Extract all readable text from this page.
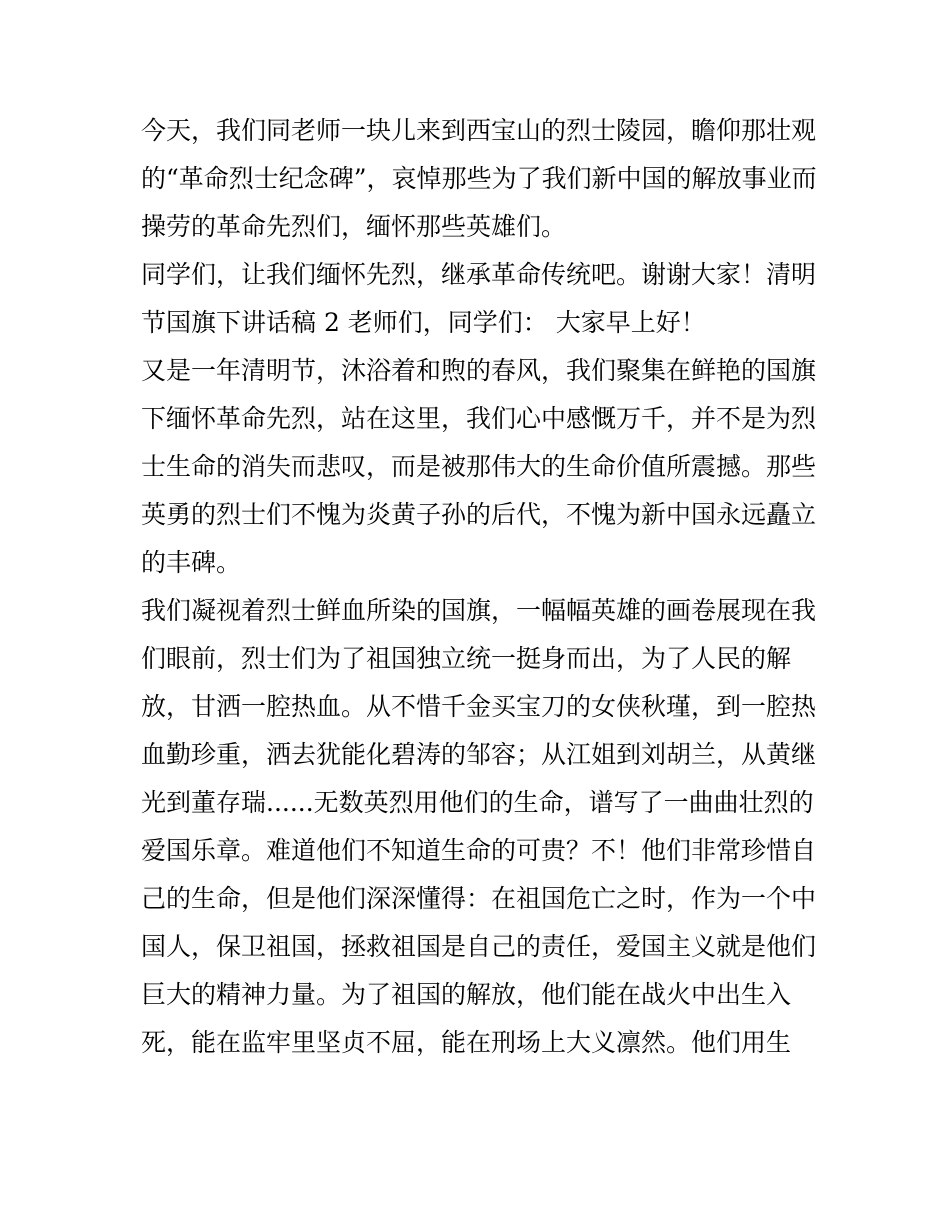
今天，我们同老师一块儿来到西宝山的烈士陵园，瞻仰那壮观
的“革命烈士纪念碑”，哀悼那些为了我们新中国的解放事业而
操劳的革命先烈们，缅怀那些英雄们。
同学们，让我们缅怀先烈，继承革命传统吧。谢谢大家！清明
节国旗下讲话稿 2 老师们，同学们： 大家早上好！
又是一年清明节，沐浴着和煦的春风，我们聚集在鲜艳的国旗
下缅怀革命先烈，站在这里，我们心中感慨万千，并不是为烈
士生命的消失而悲叹，而是被那伟大的生命价值所震撼。那些
英勇的烈士们不愧为炎黄子孙的后代，不愧为新中国永远矗立
的丰碑。
我们凝视着烈士鲜血所染的国旗，一幅幅英雄的画卷展现在我
们眼前，烈士们为了祖国独立统一挺身而出，为了人民的解
放，甘洒一腔热血。从不惜千金买宝刀的女侠秋瑾，到一腔热
血勤珍重，洒去犹能化碧涛的邹容；从江姐到刘胡兰，从黄继
光到董存瑞......无数英烈用他们的生命，谱写了一曲曲壮烈的
爱国乐章。难道他们不知道生命的可贵？不！他们非常珍惜自
己的生命，但是他们深深懂得：在祖国危亡之时，作为一个中
国人，保卫祖国，拯救祖国是自己的责任，爱国主义就是他们
巨大的精神力量。为了祖国的解放，他们能在战火中出生入
死，能在监牢里坚贞不屈，能在刑场上大义凛然。他们用生
